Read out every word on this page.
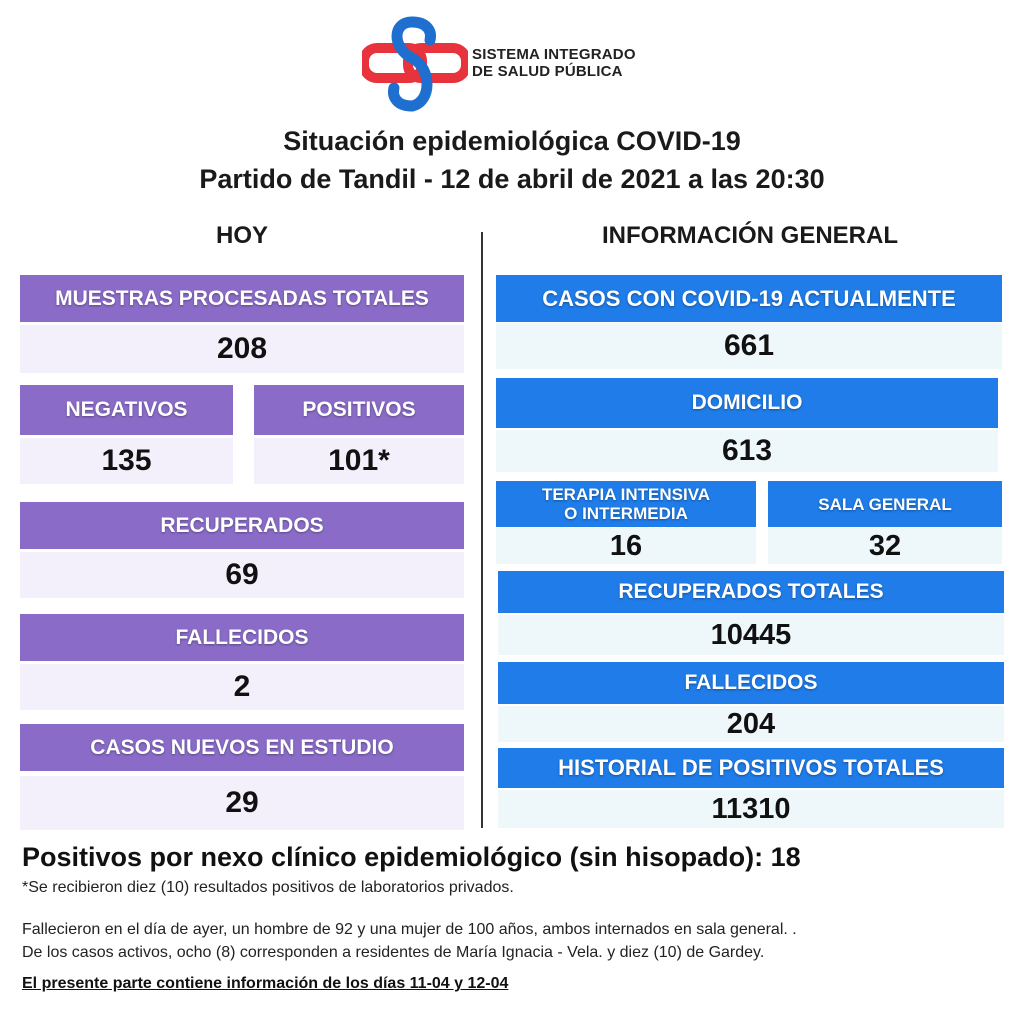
SISTEMA INTEGRADO
DE SALUD PÚBLICA
Situación epidemiológica COVID-19
Partido de Tandil - 12 de abril de 2021 a las 20:30
HOY	INFORMACIÓN GENERAL
MUESTRAS PROCESADAS TOTALES
208
NEGATIVOS
135
POSITIVOS
101*
RECUPERADOS
69
FALLECIDOS
2
CASOS NUEVOS EN ESTUDIO
29
CASOS CON COVID-19 ACTUALMENTE
661
DOMICILIO
613
TERAPIA INTENSIVA
O INTERMEDIA
16
SALA GENERAL
32
RECUPERADOS TOTALES
10445
FALLECIDOS
204
HISTORIAL DE POSITIVOS TOTALES
11310
Positivos por nexo clínico epidemiológico (sin hisopado): 18
*Se recibieron diez (10) resultados positivos de laboratorios privados.
Fallecieron en el día de ayer, un hombre de 92 y una mujer de 100 años, ambos internados en sala general. .
De los casos activos, ocho (8) corresponden a residentes de María Ignacia - Vela. y diez (10) de Gardey.
El presente parte contiene información de los días 11-04 y 12-04
